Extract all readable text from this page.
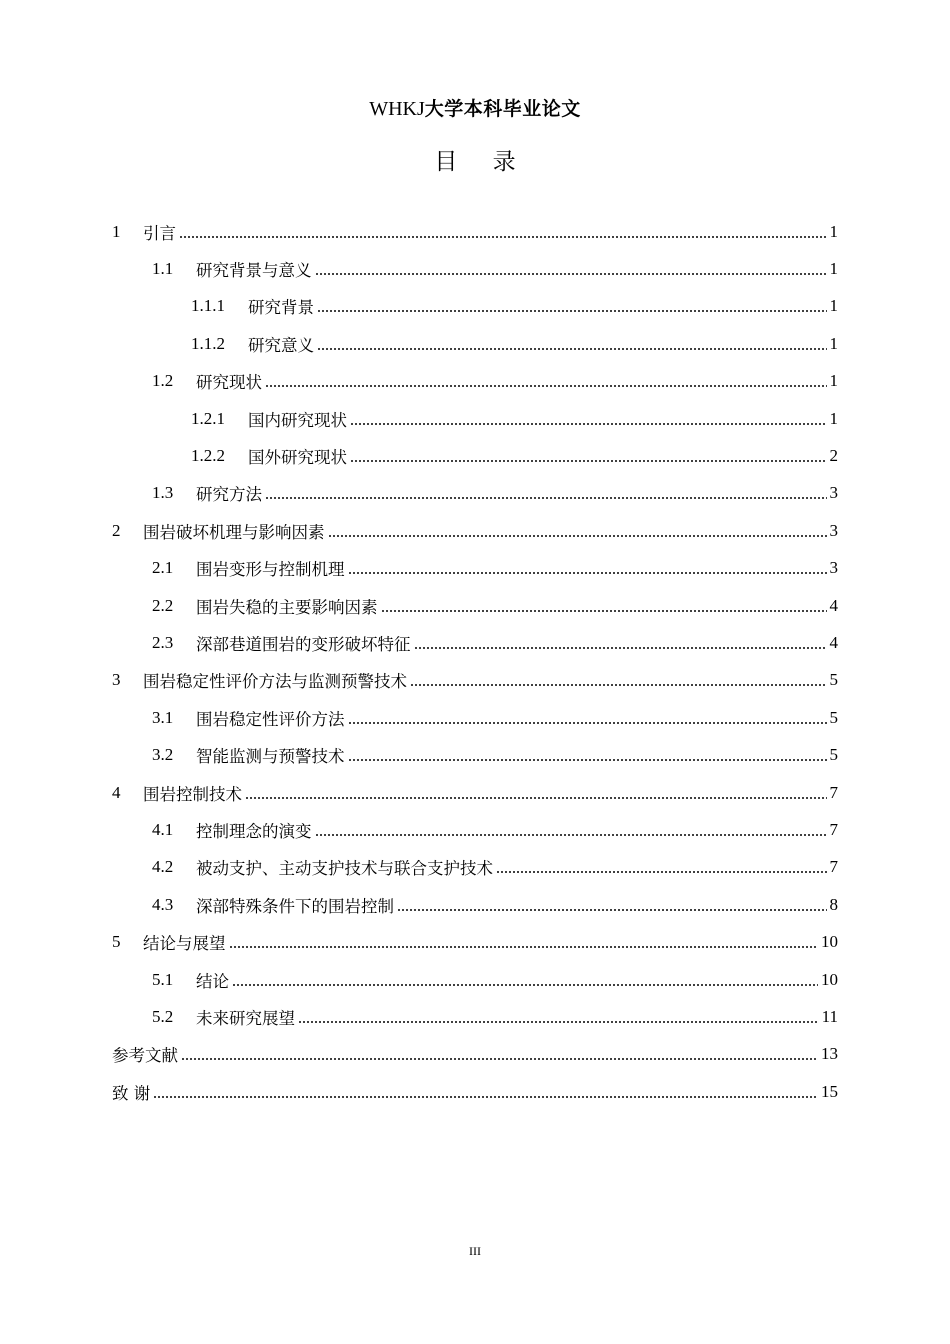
WHKJ大学本科毕业论文
目 录
1	引言	1
1.1	研究背景与意义	1
1.1.1	研究背景	1
1.1.2	研究意义	1
1.2	研究现状	1
1.2.1	国内研究现状	1
1.2.2	国外研究现状	2
1.3	研究方法	3
2	围岩破坏机理与影响因素	3
2.1	围岩变形与控制机理	3
2.2	围岩失稳的主要影响因素	4
2.3	深部巷道围岩的变形破坏特征	4
3	围岩稳定性评价方法与监测预警技术	5
3.1	围岩稳定性评价方法	5
3.2	智能监测与预警技术	5
4	围岩控制技术	7
4.1	控制理念的演变	7
4.2	被动支护、主动支护技术与联合支护技术	7
4.3	深部特殊条件下的围岩控制	8
5	结论与展望	10
5.1	结论	10
5.2	未来研究展望	11
参考文献	13
致 谢	15
III
